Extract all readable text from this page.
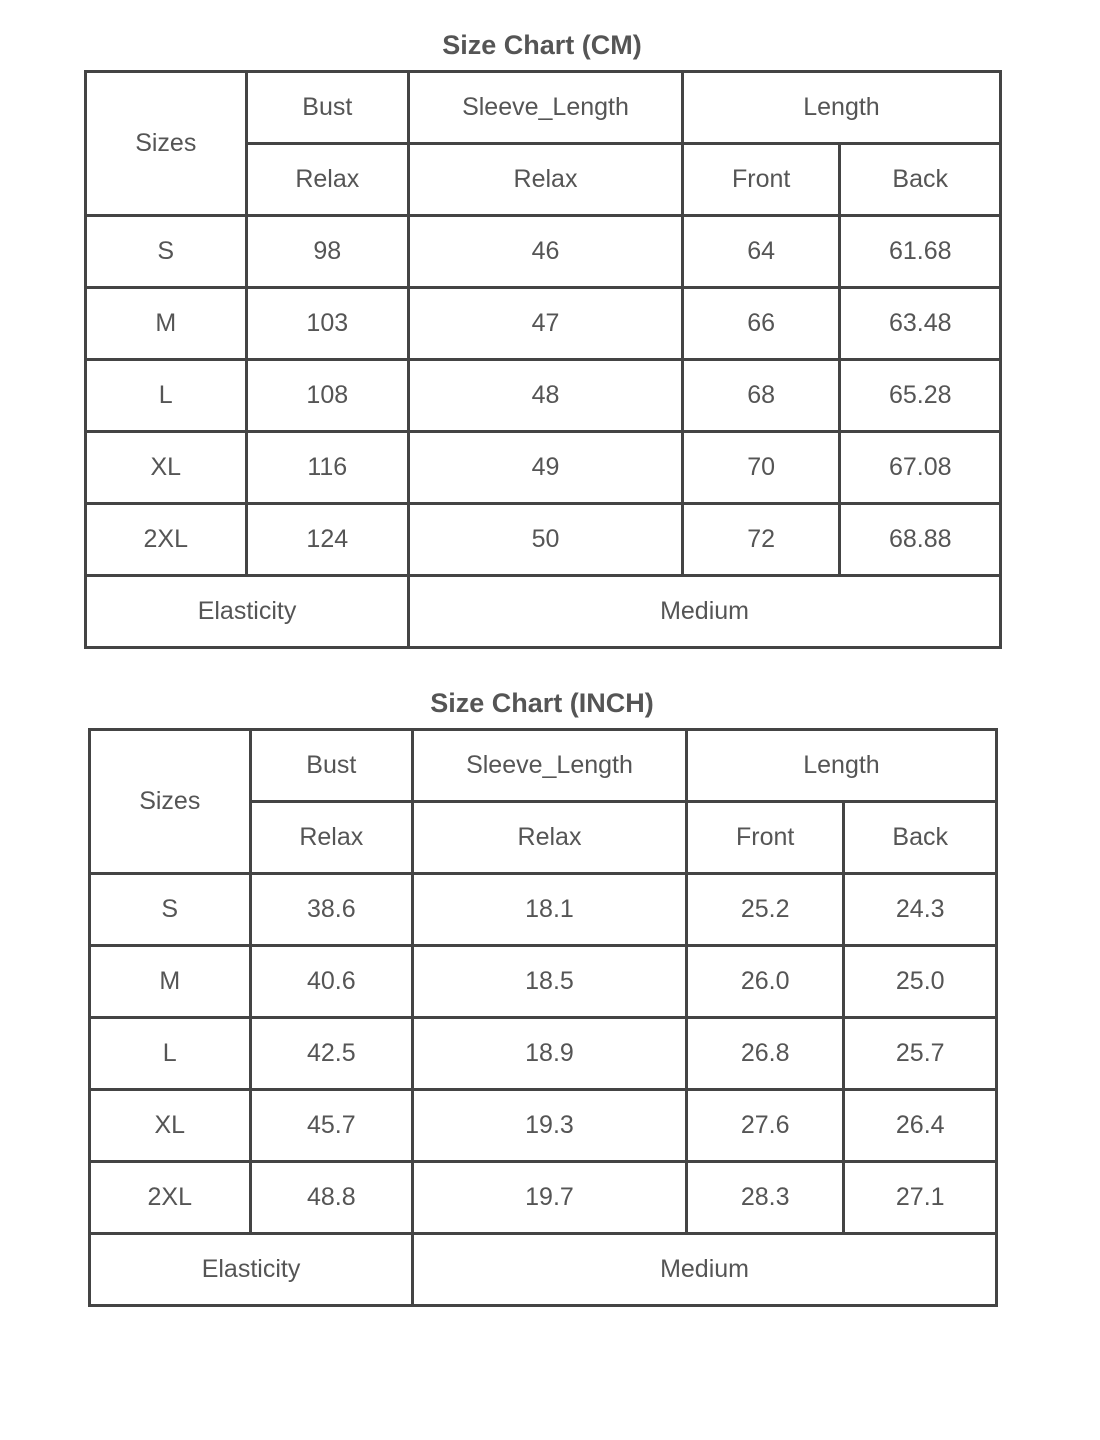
Size Chart (CM)
Sizes	Bust	Sleeve_Length	Length	
	Relax	Relax	Front	Back
S	98	46	64	61.68
M	103	47	66	63.48
L	108	48	68	65.28
XL	116	49	70	67.08
2XL	124	50	72	68.88
Elasticity		Medium		
Size Chart (INCH)
Sizes	Bust	Sleeve_Length	Length	
	Relax	Relax	Front	Back
S	38.6	18.1	25.2	24.3
M	40.6	18.5	26.0	25.0
L	42.5	18.9	26.8	25.7
XL	45.7	19.3	27.6	26.4
2XL	48.8	19.7	28.3	27.1
Elasticity		Medium		
